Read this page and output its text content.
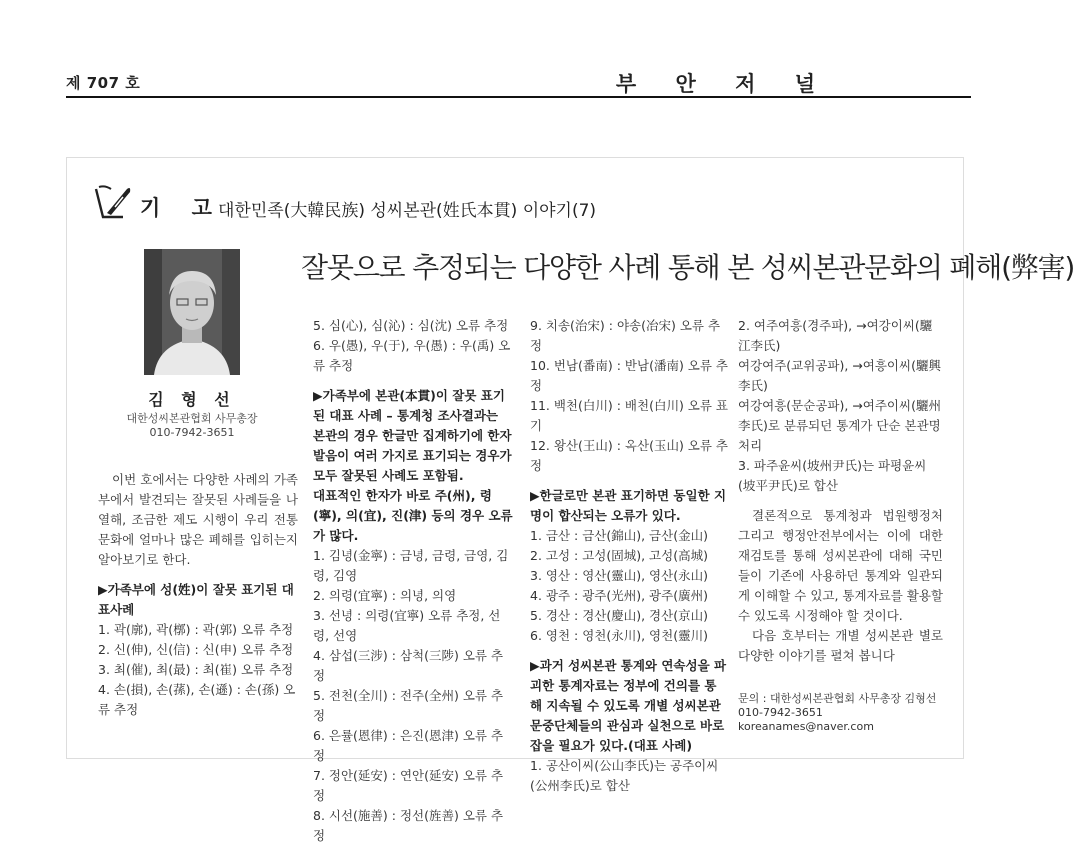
제 707 호	부 안 저 널
기 고
대한민족(大韓民族) 성씨본관(姓氏本貫) 이야기(7)
잘못으로 추정되는 다양한 사례 통해 본 성씨본관문화의 폐해(弊害)
김 형 선
대한성씨본관협회 사무총장
010-7942-3651

이번 호에서는 다양한 사례의 가족부에서 발견되는 잘못된 사례들을 나열해, 조금한 제도 시행이 우리 전통문화에 얼마나 많은 폐해를 입히는지 알아보기로 한다.

▶가족부에 성(姓)이 잘못 표기된 대표사례

1. 곽(廓), 곽(槨) : 곽(郭) 오류 추정

2. 신(伸), 신(信) : 신(申) 오류 추정

3. 최(催), 최(最) : 최(崔) 오류 추정

4. 손(損), 손(蓀), 손(遜) : 손(孫) 오류 추정

5. 심(心), 심(沁) : 심(沈) 오류 추정

6. 우(愚), 우(于), 우(愚) : 우(禹) 오류 추정

▶가족부에 본관(本貫)이 잘못 표기된 대표 사례 – 통계청 조사결과는 본관의 경우 한글만 집계하기에 한자발음이 여러 가지로 표기되는 경우가 모두 잘못된 사례도 포함됨.

대표적인 한자가 바로 주(州), 령(寧), 의(宜), 진(津) 등의 경우 오류가 많다.

1. 김녕(金寧) : 금녕, 금령, 금영, 김령, 김영

2. 의령(宜寧) : 의녕, 의영

3. 선녕 : 의령(宜寧) 오류 추정, 선령, 선영

4. 삼섭(三涉) : 삼척(三陟) 오류 추정

5. 전천(全川) : 전주(全州) 오류 추정

6. 은률(恩律) : 은진(恩津) 오류 추정

7. 정안(延安) : 연안(延安) 오류 추정

8. 시선(施善) : 정선(旌善) 오류 추정

9. 치송(治宋) : 야송(冶宋) 오류 추정

10. 번남(番南) : 반남(潘南) 오류 추정

11. 백천(白川) : 배천(白川) 오류 표기

12. 왕산(王山) : 옥산(玉山) 오류 추정

▶한글로만 본관 표기하면 동일한 지명이 합산되는 오류가 있다.

1. 금산 : 금산(錦山), 금산(金山)

2. 고성 : 고성(固城), 고성(高城)

3. 영산 : 영산(靈山), 영산(永山)

4. 광주 : 광주(光州), 광주(廣州)

5. 경산 : 경산(慶山), 경산(京山)

6. 영천 : 영천(永川), 영천(靈川)

▶과거 성씨본관 통계와 연속성을 파괴한 통계자료는 정부에 건의를 통해 지속될 수 있도록 개별 성씨본관 문중단체들의 관심과 실천으로 바로 잡을 필요가 있다.(대표 사례)

1. 공산이씨(公山李氏)는 공주이씨(公州李氏)로 합산

2. 여주여흥(경주파), →여강이씨(驪江李氏)

여강여주(교위공파), →여흥이씨(驪興李氏)

여강여흥(문순공파), →여주이씨(驪州李氏)로 분류되던 통계가 단순 본관명 처리

3. 파주윤씨(坡州尹氏)는 파평윤씨(坡平尹氏)로 합산

결론적으로 통계청과 법원행정처 그리고 행정안전부에서는 이에 대한 재검토를 통해 성씨본관에 대해 국민들이 기존에 사용하던 통계와 일관되게 이해할 수 있고, 통계자료를 활용할 수 있도록 시정해야 할 것이다.

다음 호부터는 개별 성씨본관 별로 다양한 이야기를 펼쳐 봅니다

문의 : 대한성씨본관협회 사무총장 김형선
010-7942-3651 koreanames@naver.com
